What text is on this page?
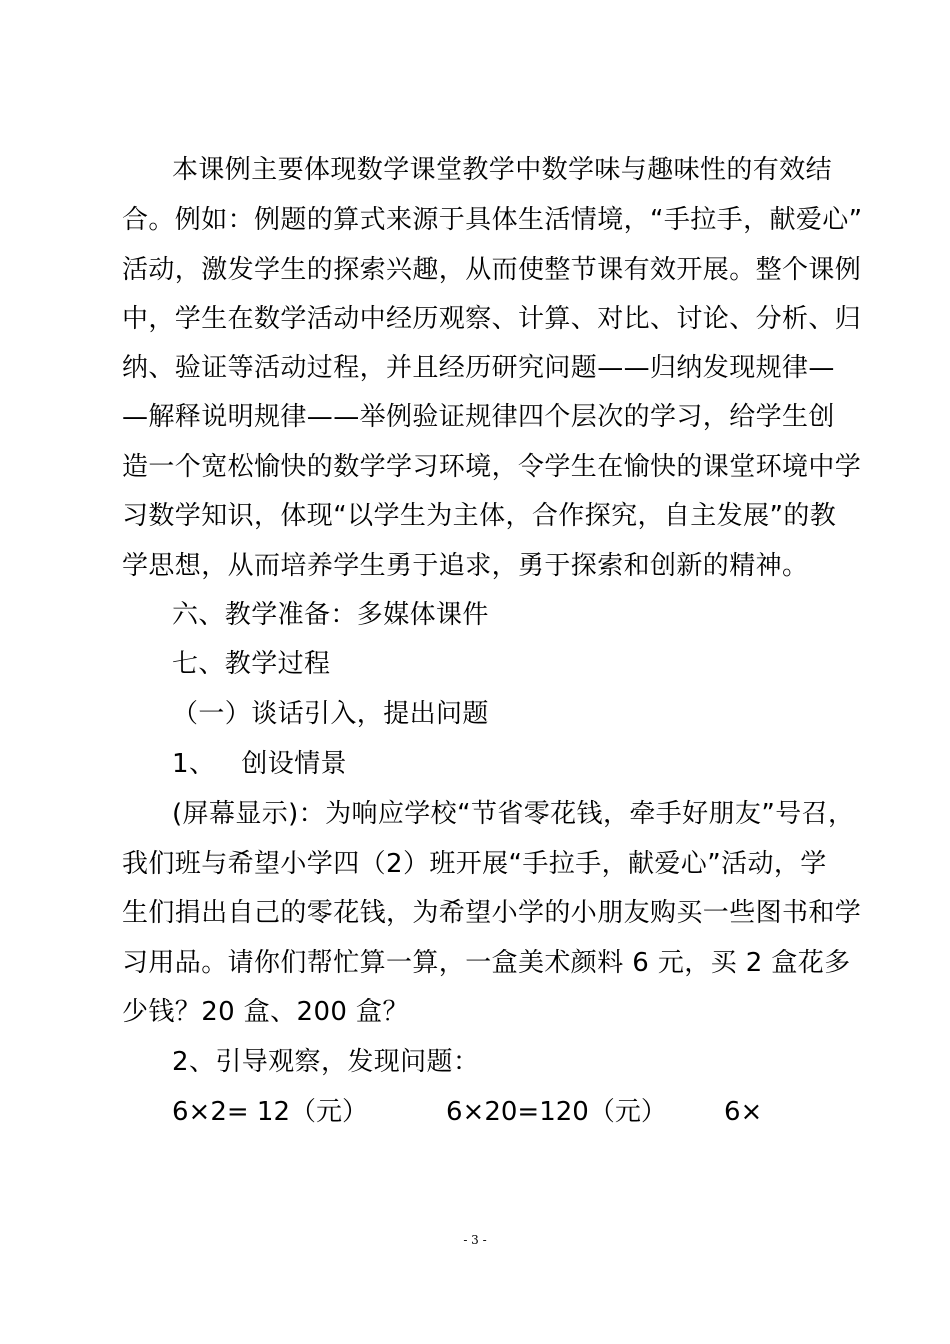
本课例主要体现数学课堂教学中数学味与趣味性的有效结
合。例如：例题的算式来源于具体生活情境，“手拉手，献爱心”
活动，激发学生的探索兴趣，从而使整节课有效开展。整个课例
中，学生在数学活动中经历观察、计算、对比、讨论、分析、归
纳、验证等活动过程，并且经历研究问题——归纳发现规律—
—解释说明规律——举例验证规律四个层次的学习，给学生创
造一个宽松愉快的数学学习环境，令学生在愉快的课堂环境中学
习数学知识，体现“以学生为主体，合作探究，自主发展”的教
学思想，从而培养学生勇于追求，勇于探索和创新的精神。
六、教学准备：多媒体课件
七、教学过程
（一）谈话引入，提出问题
1、   创设情景
(屏幕显示)：为响应学校“节省零花钱，牵手好朋友”号召，
我们班与希望小学四（2）班开展“手拉手，献爱心”活动，学
生们捐出自己的零花钱，为希望小学的小朋友购买一些图书和学
习用品。请你们帮忙算一算，一盒美术颜料 6 元，买 2 盒花多
少钱？20 盒、200 盒？
2、引导观察，发现问题：
6×2= 12（元）	6×20=120（元） 6×
- 3 -
